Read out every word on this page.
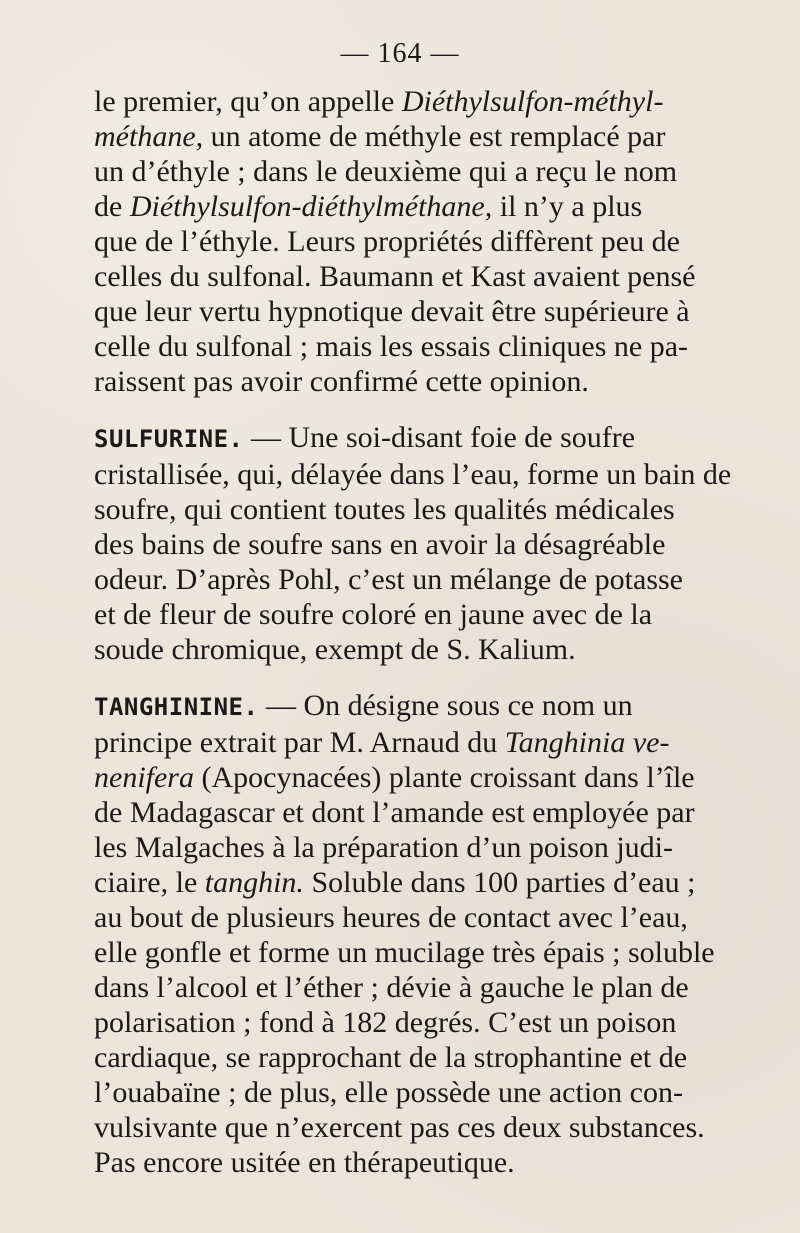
— 164 —

le premier, qu’on appelle Diéthylsulfon-méthyl-
méthane, un atome de méthyle est remplacé par
un d’éthyle ; dans le deuxième qui a reçu le nom
de Diéthylsulfon-diéthylméthane, il n’y a plus
que de l’éthyle. Leurs propriétés diffèrent peu de
celles du sulfonal. Baumann et Kast avaient pensé
que leur vertu hypnotique devait être supérieure à
celle du sulfonal ; mais les essais cliniques ne pa-
raissent pas avoir confirmé cette opinion.

SULFURINE. — Une soi-disant foie de soufre
cristallisée, qui, délayée dans l’eau, forme un bain de
soufre, qui contient toutes les qualités médicales
des bains de soufre sans en avoir la désagréable
odeur. D’après Pohl, c’est un mélange de potasse
et de fleur de soufre coloré en jaune avec de la
soude chromique, exempt de S. Kalium.

TANGHININE. — On désigne sous ce nom un
principe extrait par M. Arnaud du Tanghinia ve-
nenifera (Apocynacées) plante croissant dans l’île
de Madagascar et dont l’amande est employée par
les Malgaches à la préparation d’un poison judi-
ciaire, le tanghin. Soluble dans 100 parties d’eau ;
au bout de plusieurs heures de contact avec l’eau,
elle gonfle et forme un mucilage très épais ; soluble
dans l’alcool et l’éther ; dévie à gauche le plan de
polarisation ; fond à 182 degrés. C’est un poison
cardiaque, se rapprochant de la strophantine et de
l’ouabaïne ; de plus, elle possède une action con-
vulsivante que n’exercent pas ces deux substances.
Pas encore usitée en thérapeutique.
